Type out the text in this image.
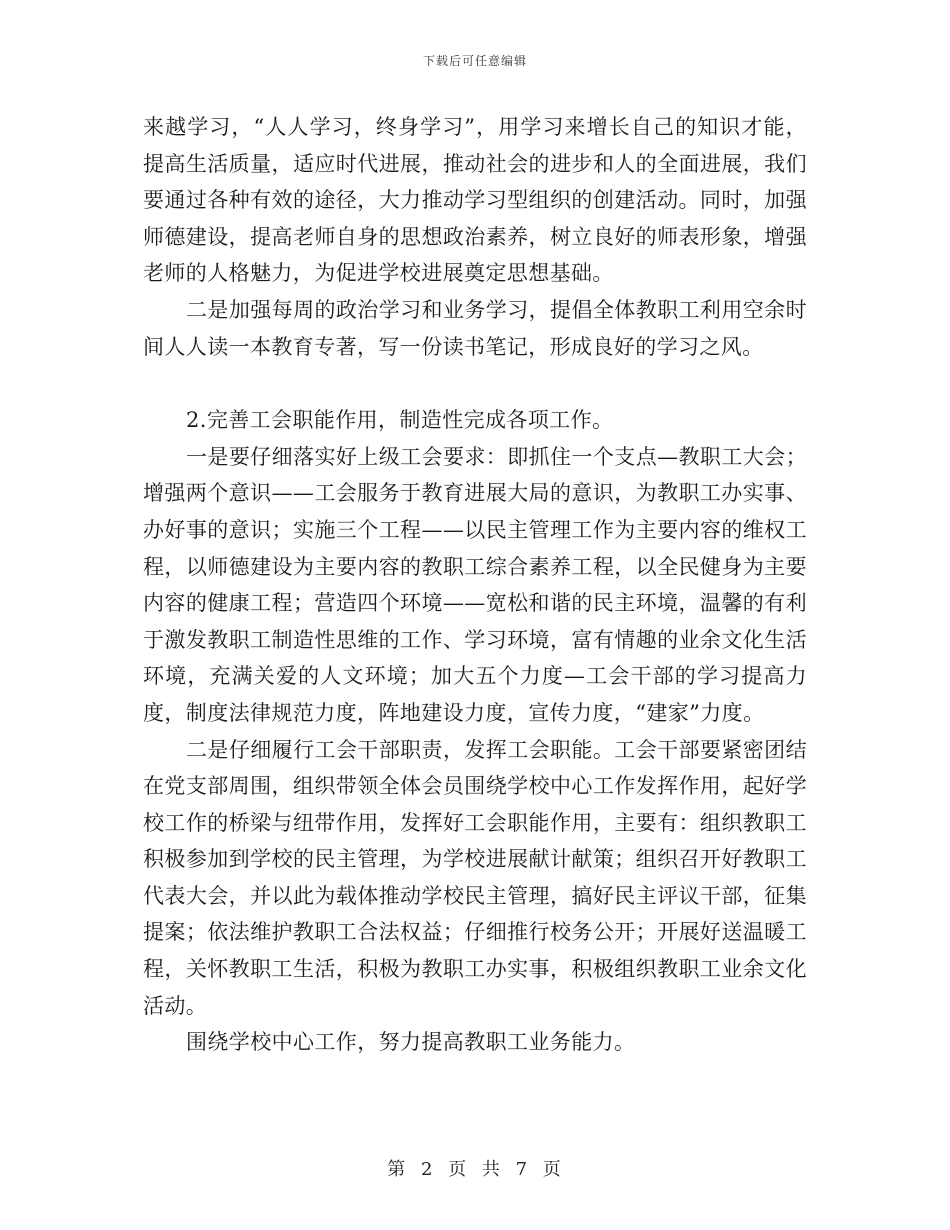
下载后可任意编辑

来越学习，“人人学习，终身学习”，用学习来增长自己的知识才能，提高生活质量，适应时代进展，推动社会的进步和人的全面进展，我们要通过各种有效的途径，大力推动学习型组织的创建活动。同时，加强师德建设，提高老师自身的思想政治素养，树立良好的师表形象，增强老师的人格魅力，为促进学校进展奠定思想基础。

二是加强每周的政治学习和业务学习，提倡全体教职工利用空余时间人人读一本教育专著，写一份读书笔记，形成良好的学习之风。

2.完善工会职能作用，制造性完成各项工作。

一是要仔细落实好上级工会要求：即抓住一个支点—教职工大会；增强两个意识——工会服务于教育进展大局的意识，为教职工办实事、办好事的意识；实施三个工程——以民主管理工作为主要内容的维权工程，以师德建设为主要内容的教职工综合素养工程，以全民健身为主要内容的健康工程；营造四个环境——宽松和谐的民主环境，温馨的有利于激发教职工制造性思维的工作、学习环境，富有情趣的业余文化生活环境，充满关爱的人文环境；加大五个力度—工会干部的学习提高力度，制度法律规范力度，阵地建设力度，宣传力度，“建家”力度。

二是仔细履行工会干部职责，发挥工会职能。工会干部要紧密团结在党支部周围，组织带领全体会员围绕学校中心工作发挥作用，起好学校工作的桥梁与纽带作用，发挥好工会职能作用，主要有：组织教职工积极参加到学校的民主管理，为学校进展献计献策；组织召开好教职工代表大会，并以此为载体推动学校民主管理，搞好民主评议干部，征集提案；依法维护教职工合法权益；仔细推行校务公开；开展好送温暖工程，关怀教职工生活，积极为教职工办实事，积极组织教职工业余文化活动。

围绕学校中心工作，努力提高教职工业务能力。

第 2 页 共 7 页
